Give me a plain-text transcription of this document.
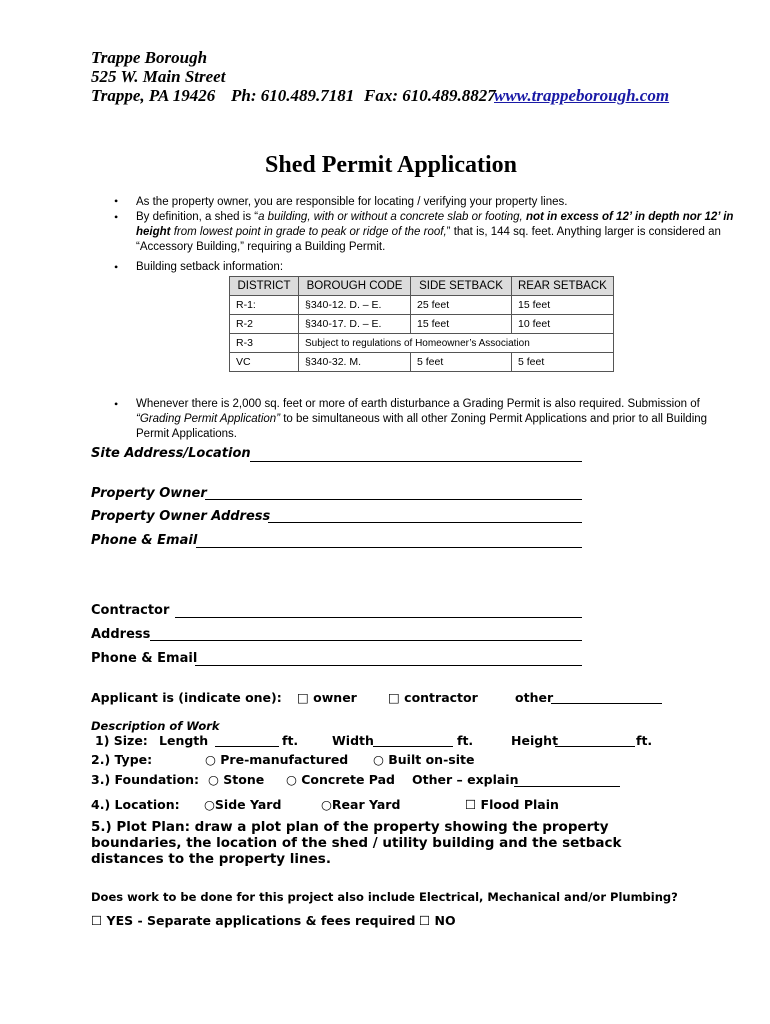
Trappe Borough
525 W. Main Street
Trappe, PA 19426 Ph: 610.489.7181 Fax: 610.489.8827
www.trappeborough.com
Shed Permit Application
• As the property owner, you are responsible for locating / verifying your property lines.
• By definition, a shed is “a building, with or without a concrete slab or footing, not in excess of 12’ in depth nor 12’ in
height from lowest point in grade to peak or ridge of the roof,” that is, 144 sq. feet. Anything larger is considered an
“Accessory Building,” requiring a Building Permit.
• Building setback information:
DISTRICT	BOROUGH CODE	SIDE SETBACK	REAR SETBACK
R-1:	§340-12. D. – E.	25 feet	15 feet
R-2	§340-17. D. – E.	15 feet	10 feet
R-3	Subject to regulations of Homeowner’s Association		
VC	§340-32. M.	5 feet	5 feet
• Whenever there is 2,000 sq. feet or more of earth disturbance a Grading Permit is also required. Submission of
“Grading Permit Application” to be simultaneous with all other Zoning Permit Applications and prior to all Building
Permit Applications.
Site Address/Location
Property Owner
Property Owner Address
Phone & Email
Contractor
Address
Phone & Email
Applicant is (indicate one): □ owner □ contractor	other
Description of Work
1) Size: Length	ft.	Width	ft.	Height	ft.
2.) Type:	○ Pre-manufactured ○ Built on-site
3.) Foundation: ○ Stone ○ Concrete Pad Other – explain
4.) Location: ○Side Yard	○Rear Yard	☐ Flood Plain
5.) Plot Plan: draw a plot plan of the property showing the property boundaries, the location of the shed / utility building and the setback distances to the property lines.
Does work to be done for this project also include Electrical, Mechanical and/or Plumbing?
☐ YES - Separate applications & fees required ☐ NO
